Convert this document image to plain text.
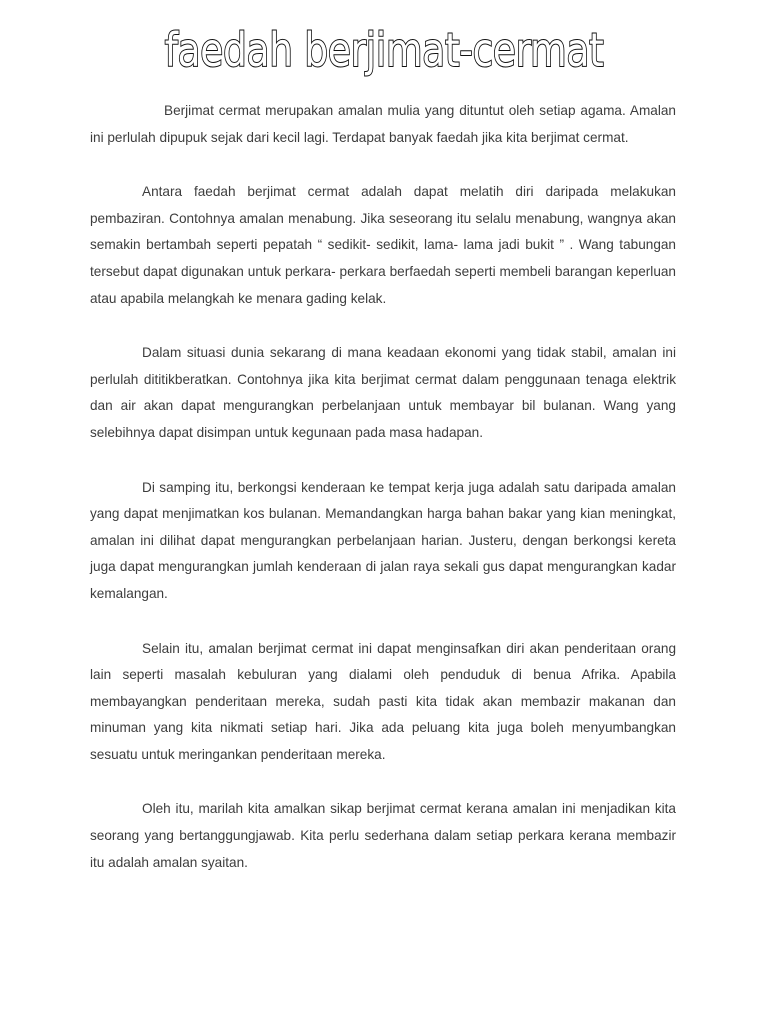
faedah berjimat-cermat

Berjimat cermat merupakan amalan mulia yang dituntut oleh setiap agama. Amalan ini perlulah dipupuk sejak dari kecil lagi. Terdapat banyak faedah jika kita berjimat cermat.

Antara faedah berjimat cermat adalah dapat melatih diri daripada melakukan pembaziran. Contohnya amalan menabung. Jika seseorang itu selalu menabung, wangnya akan semakin bertambah seperti pepatah “ sedikit- sedikit, lama- lama jadi bukit ” . Wang tabungan tersebut dapat digunakan untuk perkara- perkara berfaedah seperti membeli barangan keperluan atau apabila melangkah ke menara gading kelak.

Dalam situasi dunia sekarang di mana keadaan ekonomi yang tidak stabil, amalan ini perlulah dititikberatkan. Contohnya jika kita berjimat cermat dalam penggunaan tenaga elektrik dan air akan dapat mengurangkan perbelanjaan untuk membayar bil bulanan. Wang yang selebihnya dapat disimpan untuk kegunaan pada masa hadapan.

Di samping itu, berkongsi kenderaan ke tempat kerja juga adalah satu daripada amalan yang dapat menjimatkan kos bulanan. Memandangkan harga bahan bakar yang kian meningkat, amalan ini dilihat dapat mengurangkan perbelanjaan harian. Justeru, dengan berkongsi kereta juga dapat mengurangkan jumlah kenderaan di jalan raya sekali gus dapat mengurangkan kadar kemalangan.

Selain itu, amalan berjimat cermat ini dapat menginsafkan diri akan penderitaan orang lain seperti masalah kebuluran yang dialami oleh penduduk di benua Afrika. Apabila membayangkan penderitaan mereka, sudah pasti kita tidak akan membazir makanan dan minuman yang kita nikmati setiap hari. Jika ada peluang kita juga boleh menyumbangkan sesuatu untuk meringankan penderitaan mereka.

Oleh itu, marilah kita amalkan sikap berjimat cermat kerana amalan ini menjadikan kita seorang yang bertanggungjawab. Kita perlu sederhana dalam setiap perkara kerana membazir itu adalah amalan syaitan.
